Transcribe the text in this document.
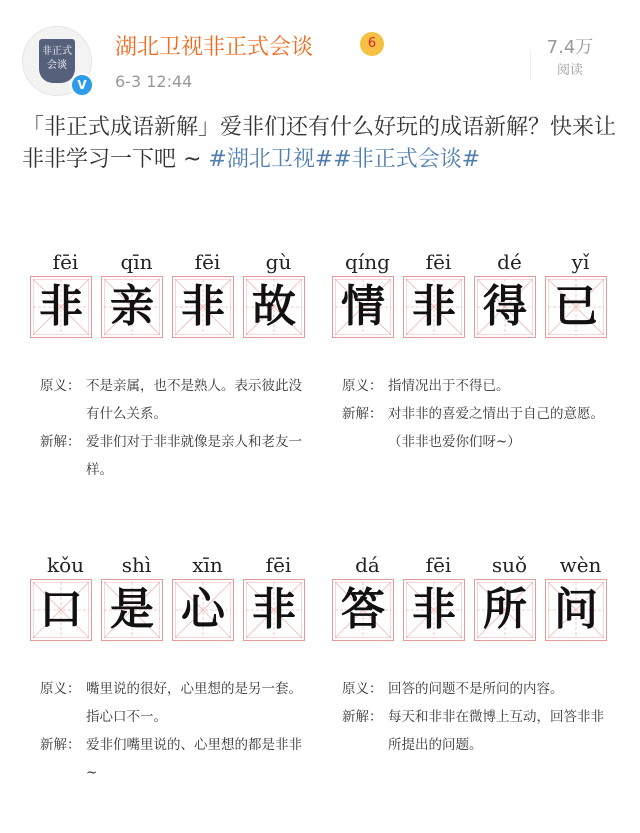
非正式会谈
V
湖北卫视非正式会谈	6
6-3 12:44
7.4万
阅读
「非正式成语新解」爱非们还有什么好玩的成语新解？快来让非非学习一下吧 ~ #湖北卫视##非正式会谈#
fēi	qīn	fēi	gù
非 亲 非 故
原义： 不是亲属，也不是熟人。表示彼此没有什么关系。
新解： 爱非们对于非非就像是亲人和老友一样。
qíng	fēi	dé	yǐ
情 非 得 已
原义： 指情况出于不得已。
新解： 对非非的喜爱之情出于自己的意愿。（非非也爱你们呀~）
kǒu	shì	xīn	fēi
口 是 心 非
原义： 嘴里说的很好，心里想的是另一套。指心口不一。
新解： 爱非们嘴里说的、心里想的都是非非~
dá	fēi	suǒ	wèn
答 非 所 问
原义： 回答的问题不是所问的内容。
新解： 每天和非非在微博上互动，回答非非所提出的问题。
